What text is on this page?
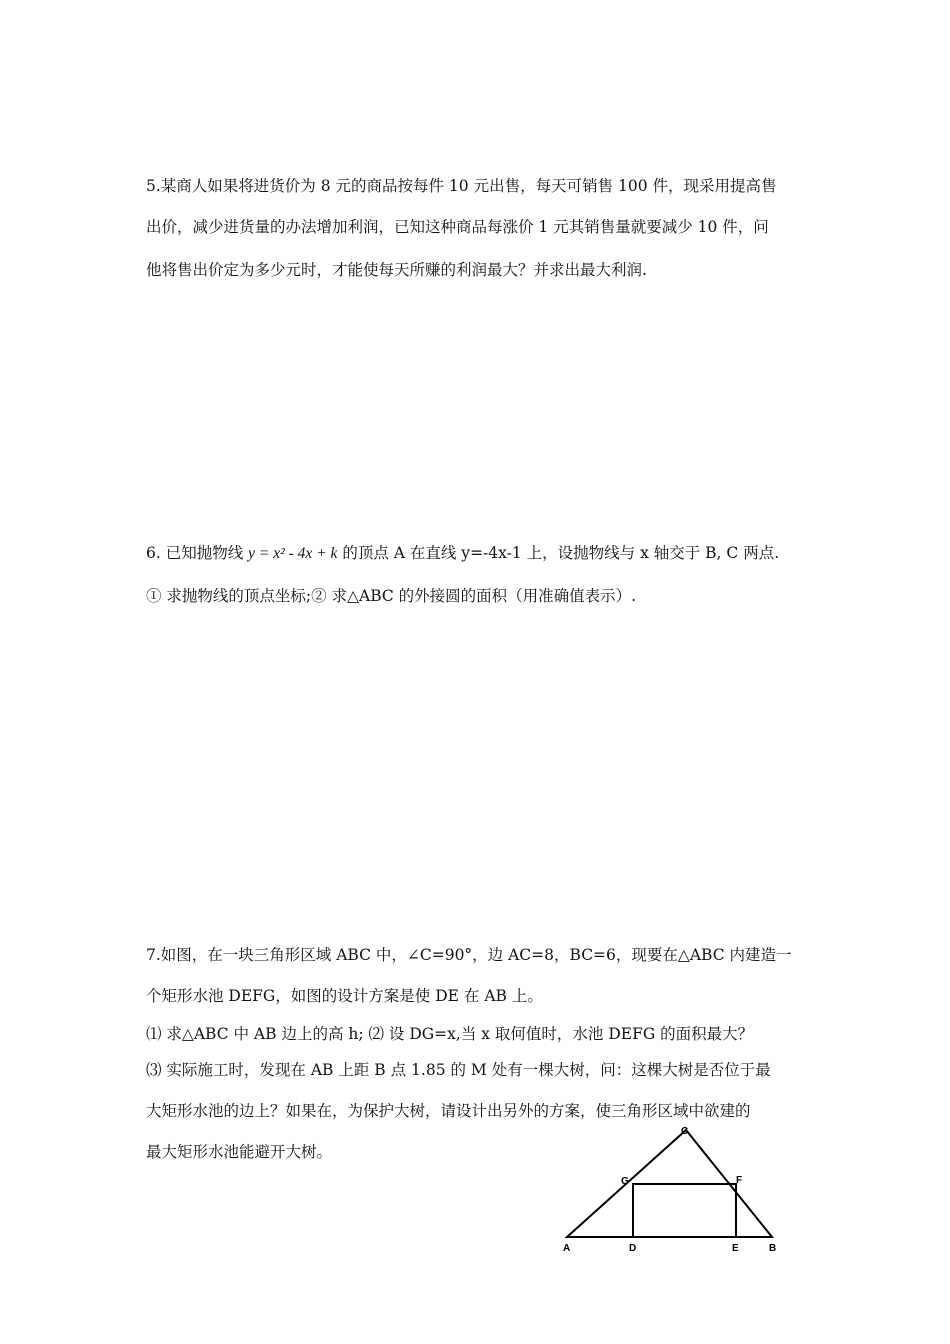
5.某商人如果将进货价为 8 元的商品按每件 10 元出售，每天可销售 100 件，现采用提高售
出价，减少进货量的办法增加利润，已知这种商品每涨价 1 元其销售量就要减少 10 件，问
他将售出价定为多少元时，才能使每天所赚的利润最大？并求出最大利润.
6. 已知抛物线 y = x² - 4x + k 的顶点 A 在直线 y=-4x-1 上，设抛物线与 x 轴交于 B, C 两点.
① 求抛物线的顶点坐标;② 求△ABC 的外接圆的面积（用准确值表示）.
7.如图，在一块三角形区域 ABC 中，∠C=90°，边 AC=8，BC=6，现要在△ABC 内建造一
个矩形水池 DEFG，如图的设计方案是使 DE 在 AB 上。
⑴ 求△ABC 中 AB 边上的高 h; ⑵ 设 DG=x,当 x 取何值时，水池 DEFG 的面积最大？
⑶ 实际施工时，发现在 AB 上距 B 点 1.85 的 M 处有一棵大树，问：这棵大树是否位于最
大矩形水池的边上？如果在，为保护大树，请设计出另外的方案，使三角形区域中欲建的
最大矩形水池能避开大树。
C
G	F
A	D	E	B
